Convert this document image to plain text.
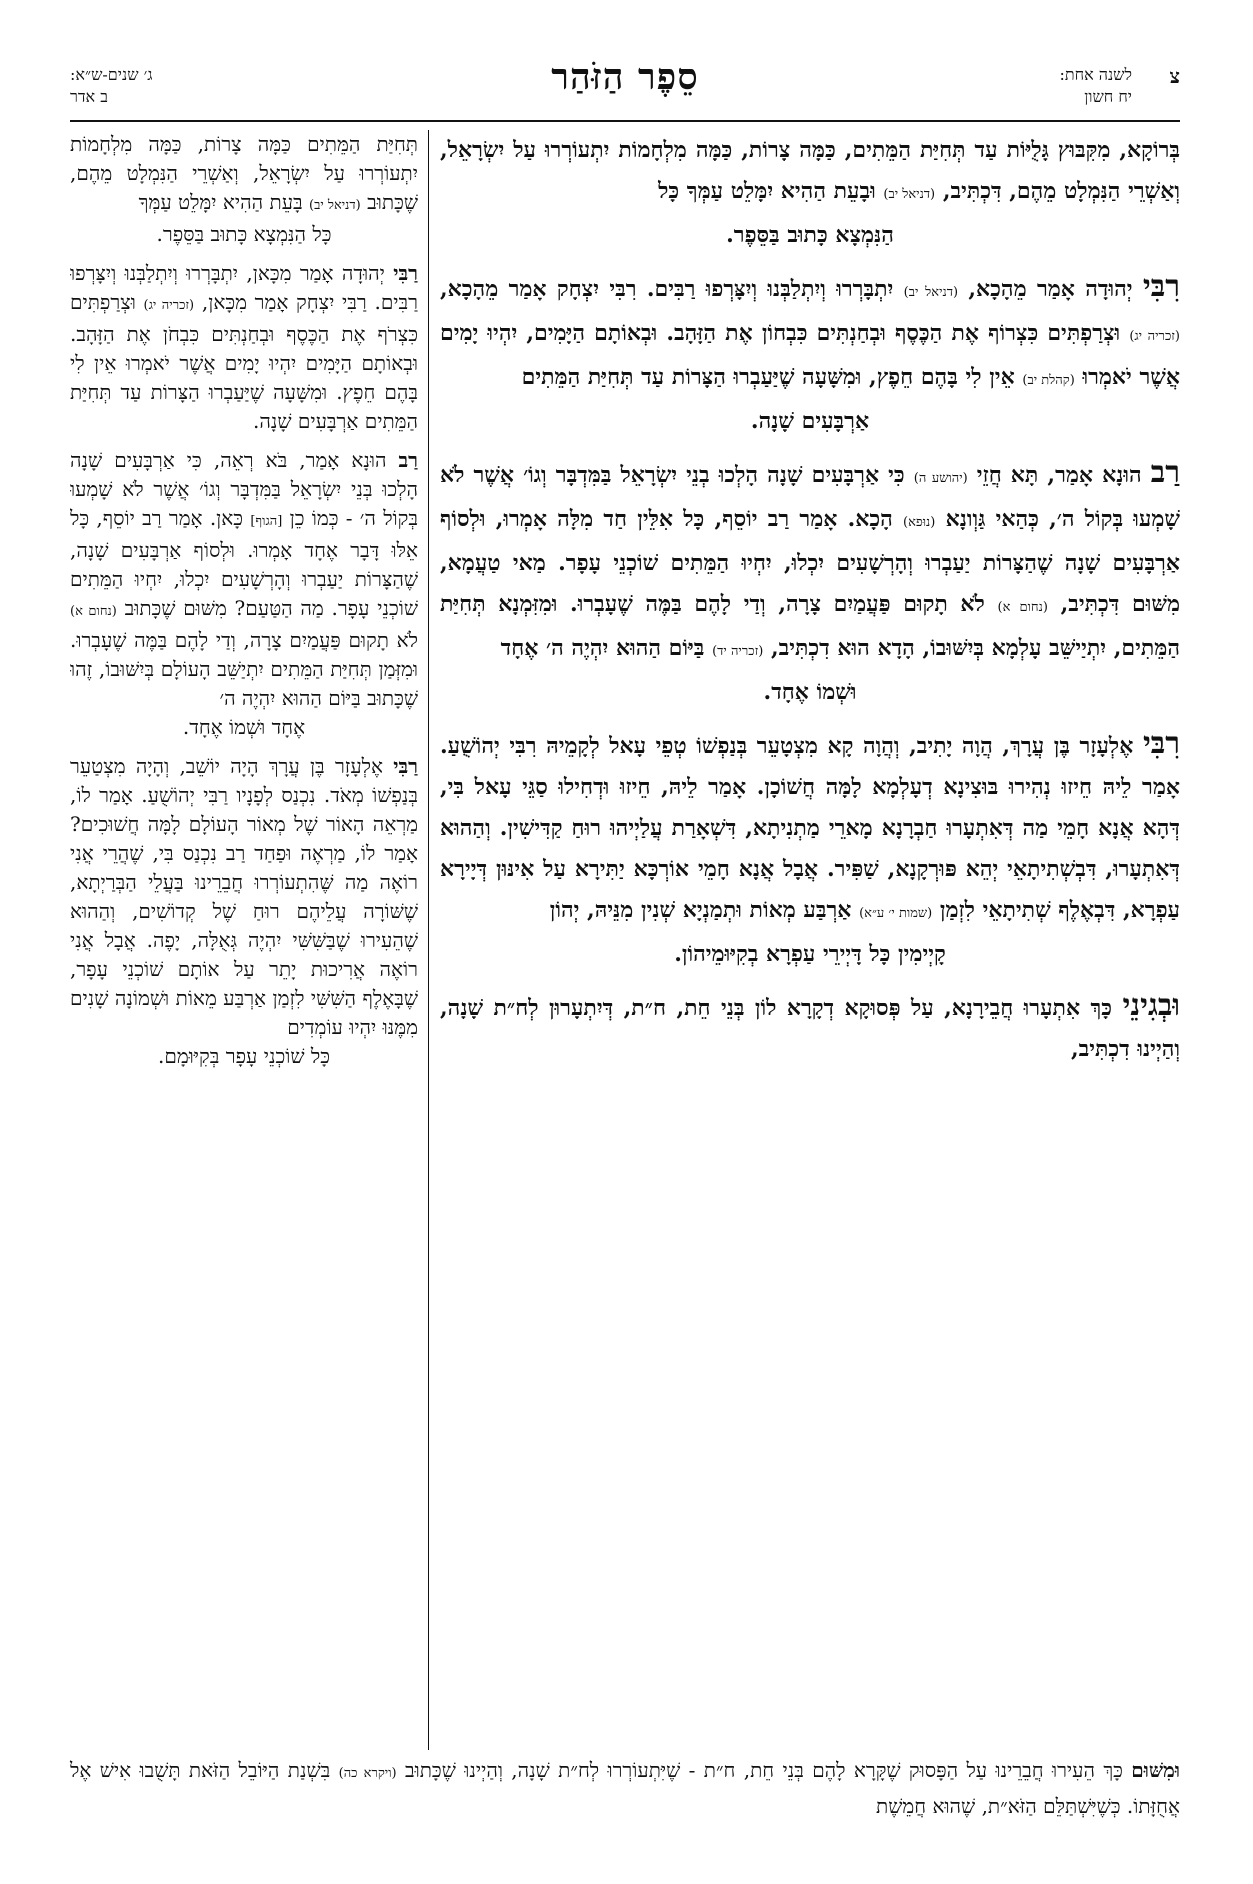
צ
לשנה אחת:
יח חשון
סֵפֶר הַזֹּהַר
ג׳ שנים-ש״א:
ב אדר

בְּרוֹקָא, מִקִּבּוּץ גָּלֻיּוֹת עַד תְּחִיַּת הַמֵּתִים, כַּמָּה צָרוֹת, כַּמָּה מִלְחָמוֹת יִתְעוֹרְרוּ עַל יִשְׂרָאֵל, וְאַשְׁרֵי הַנִּמְלָט מֵהֶם, דִּכְתִּיב, (דניאל יב) וּבָעֵת הַהִיא יִמָּלֵט עַמְּךָ כָּל
הַנִּמְצָא כָּתוּב בַּסֵּפֶר.

רִבִּי יְהוּדָה אָמַר מֵהָכָא, (דניאל יב) יִתְבָּרְרוּ וְיִתְלַבְּנוּ וְיִצָּרְפוּ רַבִּים. רִבִּי יִצְחָק אָמַר מֵהָכָא, (זכריה יג) וּצְרַפְתִּים כִּצְרוֹף אֶת הַכֶּסֶף וּבְחַנְתִּים כִּבְחוֹן אֶת הַזָּהָב. וּבְאוֹתָם הַיָּמִים, יִהְיוּ יָמִים אֲשֶׁר יֹאמְרוּ (קהלת יב) אֵין לִי בָּהֶם חֵפֶץ, וּמִשָּׁעָה שֶׁיַּעַבְרוּ הַצָּרוֹת עַד תְּחִיַּת הַמֵּתִים
אַרְבָּעִים שָׁנָה.

רַב הוּנָא אָמַר, תָּא חֲזֵי (יהושע ה) כִּי אַרְבָּעִים שָׁנָה הָלְכוּ בְנֵי יִשְׂרָאֵל בַּמִּדְבָּר וְגוֹ׳ אֲשֶׁר לֹא שָׁמְעוּ בְּקוֹל ה׳, כְּהַאי גַּוְונָא (נוּפא) הָכָא. אָמַר רַב יוֹסֵף, כָּל אִלֵּין חַד מִלָּה אָמְרוּ, וּלְסוֹף אַרְבָּעִים שָׁנָה שֶׁהַצָּרוֹת יַעַבְרוּ וְהָרְשָׁעִים יִכְלוּ, יִחְיוּ הַמֵּתִים שׁוֹכְנֵי עָפָר. מַאי טַעֲמָא, מִשּׁוּם דִּכְתִּיב, (נחום א) לֹא תָקוּם פַּעֲמַיִם צָרָה, וְדַי לָהֶם בַּמֶּה שֶׁעָבְרוּ. וּמִזִּמְנָא תְּחִיַּת הַמֵּתִים, יִתְיַישֵּׁב עָלְמָא בְּיִשּׁוּבוֹ, הָדָא הוּא דִכְתִּיב, (זכריה יד) בַּיּוֹם הַהוּא יִהְיֶה ה׳ אֶחָד
וּשְׁמוֹ אֶחָד.

רִבִּי אֶלְעָזָר בֶּן עֲרָךְ, הֲוָה יָתִיב, וְהֲוָה קָא מִצְטָעֵר בְּנַפְשׁוֹ טְפֵי עָאל לְקָמֵיהּ רִבִּי יְהוֹשֻׁעַ. אָמַר לֵיהּ חֵיזוּ נְהִירוּ בּוּצִינָא דְעָלְמָא לָמָּה חֲשׁוֹכָן. אָמַר לֵיהּ, חֵיזוּ וּדְחִילוּ סַגֵּי עָאל בִּי, דְּהָא אֲנָא חָמֵי מַה דְּאִתְעָרוּ חַבְרָנָא מָארֵי מַתְנִיתָא, דִּשְׁאָרַת עֲלַיְיהוּ רוּחַ קַדִּישִׁין. וְהַהוּא דְּאִתְעָרוּ, דִּבְשְׁתִיתָאֵי יְהֵא פּוּרְקָנָא, שַׁפִּיר. אֲבָל אֲנָא חָמֵי אוֹרְכָּא יַתִּירָא עַל אִינּוּן דְּיָירָא עַפְרָא, דִּבְאֶלֶף שְׁתִיתָאֵי לִזְמַן (שמות י׳ ע״א) אַרְבַּע מְאוֹת וּתְמַנְיָא שְׁנִין מִנֵּיהּ, יְהוֹן
קָיְימִין כָּל דָּיְירֵי עַפְרָא בְקִיּוּמֵיהוֹן.

וּבְגִינֵי כָּךְ אִתְעָרוּ חֲבֵירָנָא, עַל פְּסוּקָא דְקָרָא לוֹן בְּנֵי חֵת, ח״ת, דְּיִתְעָרוּן לְח״ת שָׁנָה, וְהַיְינוּ דִכְתִּיב,

תְּחִיַּת הַמֵּתִים כַּמָּה צָרוֹת, כַּמָּה מִלְחָמוֹת יִתְעוֹרְרוּ עַל יִשְׂרָאֵל, וְאַשְׁרֵי הַנִּמְלָט מֵהֶם, שֶׁכָּתוּב (דניאל יב) בָּעֵת הַהִיא יִמָּלֵט עַמְּךָ
כָּל הַנִּמְצָא כָּתוּב בַּסֵּפֶר.

רַבִּי יְהוּדָה אָמַר מִכָּאן, יִתְבָּרְרוּ וְיִתְלַבְּנוּ וְיִצָּרְפוּ רַבִּים. רַבִּי יִצְחָק אָמַר מִכָּאן, (זכריה יג) וּצְרַפְתִּים כִּצְרֹף אֶת הַכֶּסֶף וּבְחַנְתִּים כִּבְחֹן אֶת הַזָּהָב. וּבְאוֹתָם הַיָּמִים יִהְיוּ יָמִים אֲשֶׁר יֹאמְרוּ אֵין לִי בָּהֶם חֵפֶץ. וּמִשָּׁעָה שֶׁיַּעַבְרוּ הַצָּרוֹת עַד תְּחִיַּת הַמֵּתִים אַרְבָּעִים שָׁנָה.

רַב הוּנָא אָמַר, בֹּא רְאֵה, כִּי אַרְבָּעִים שָׁנָה הָלְכוּ בְּנֵי יִשְׂרָאֵל בַּמִּדְבָּר וְגוֹ׳ אֲשֶׁר לֹא שָׁמְעוּ בְּקוֹל ה׳ - כְּמוֹ כֵן [הגוף] כָּאן. אָמַר רַב יוֹסֵף, כָּל אֵלּוּ דָּבָר אֶחָד אָמְרוּ. וּלְסוֹף אַרְבָּעִים שָׁנָה, שֶׁהַצָּרוֹת יַעַבְרוּ וְהָרְשָׁעִים יִכְלוּ, יִחְיוּ הַמֵּתִים שׁוֹכְנֵי עָפָר. מַה הַטַּעַם? מִשּׁוּם שֶׁכָּתוּב (נחום א) לֹא תָקוּם פַּעֲמַיִם צָרָה, וְדַי לָהֶם בַּמֶּה שֶׁעָבְרוּ. וּמִזְּמַן תְּחִיַּת הַמֵּתִים יִתְיַשֵּׁב הָעוֹלָם בְּיִשּׁוּבוֹ, זֶהוּ שֶׁכָּתוּב בַּיּוֹם הַהוּא יִהְיֶה ה׳
אֶחָד וּשְׁמוֹ אֶחָד.

רַבִּי אֶלְעָזָר בֶּן עֲרָךְ הָיָה יוֹשֵׁב, וְהָיָה מִצְטַעֵר בְּנַפְשׁוֹ מְאֹד. נִכְנַס לְפָנָיו רַבִּי יְהוֹשֻׁעַ. אָמַר לוֹ, מַרְאֵה הָאוֹר שֶׁל מְאוֹר הָעוֹלָם לָמָּה חֲשׁוּכִים? אָמַר לוֹ, מַרְאֶה וּפַחַד רַב נִכְנַס בִּי, שֶׁהֲרֵי אֲנִי רוֹאֶה מַה שֶּׁהִתְעוֹרְרוּ חֲבֵרֵינוּ בַּעֲלֵי הַבְּרַיְתָא, שֶׁשּׁוֹרָה עֲלֵיהֶם רוּחַ שֶׁל קְדוֹשִׁים, וְהַהוּא שֶׁהֵעִירוּ שֶׁבַּשִּׁשִּׁי יִהְיֶה גְּאֻלָּה, יָפֶה. אֲבָל אֲנִי רוֹאֶה אֲרִיכוּת יָתֵר עַל אוֹתָם שׁוֹכְנֵי עָפָר, שֶׁבָּאֶלֶף הַשִּׁשִּׁי לִזְמַן אַרְבַּע מֵאוֹת וּשְׁמוֹנָה שָׁנִים מִמֶּנּוּ יִהְיוּ עוֹמְדִים
כָּל שׁוֹכְנֵי עָפָר בְּקִיּוּמָם.

וּמִשּׁוּם כָּךְ הֵעִירוּ חֲבֵרֵינוּ עַל הַפָּסוּק שֶׁקָּרָא לָהֶם בְּנֵי חֵת, ח״ת - שֶׁיִּתְעוֹרְרוּ לְח״ת שָׁנָה, וְהַיְינוּ שֶׁכָּתוּב (ויקרא כה) בִּשְׁנַת הַיּוֹבֵל הַזֹּאת תָּשֻׁבוּ אִישׁ אֶל אֲחֻזָּתוֹ. כְּשֶׁיִּשְׁתַּלֵּם הַזֹּא״ת, שֶׁהוּא חֲמֵשֶׁת
